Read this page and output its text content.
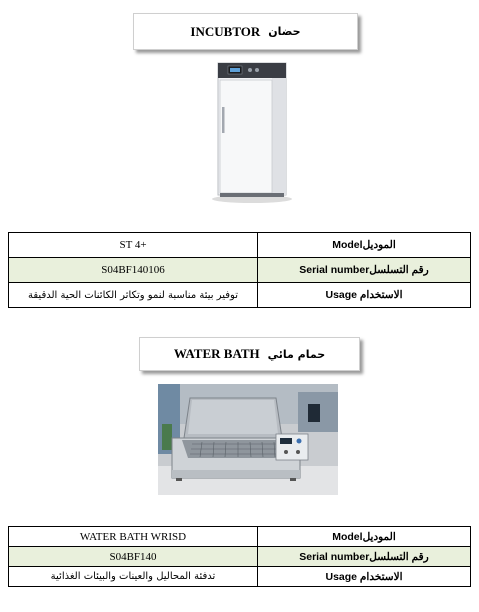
INCUBTOR حضان
ST 4+	Modelالموديل
S04BF140106	Serial numberرقم التسلسل
توفير بيئة مناسبة لنمو وتكاثر الكائنات الحية الدقيقة	Usage الاستخدام
WATER BATH حمام مائي
WATER BATH WRISD	Modelالموديل
S04BF140	Serial numberرقم التسلسل
تدفئة المحاليل والعينات والبيئات الغذائية	Usage الاستخدام
